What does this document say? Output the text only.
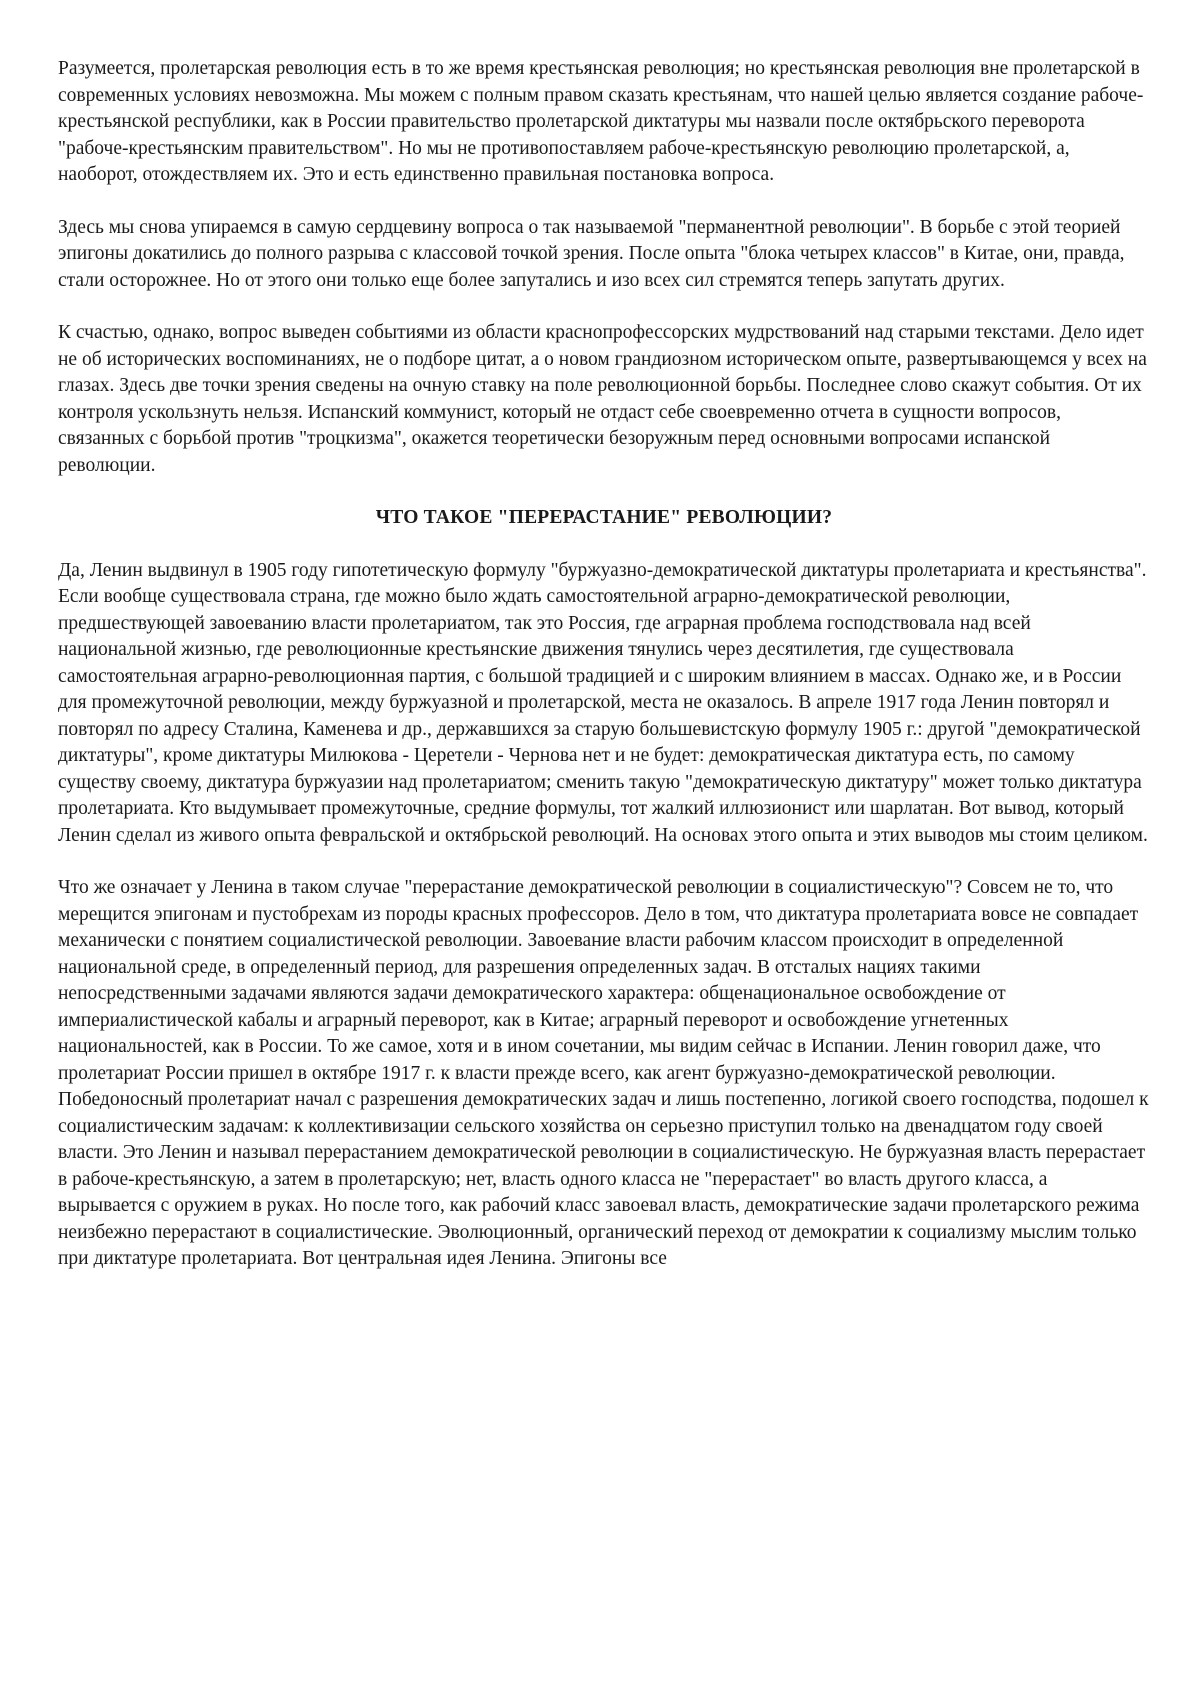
Разумеется, пролетарская революция есть в то же время крестьянская революция; но крестьянская революция вне пролетарской в современных условиях невозможна. Мы можем с полным правом сказать крестьянам, что нашей целью является создание рабоче-крестьянской республики, как в России правительство пролетарской диктатуры мы назвали после октябрьского переворота "рабоче-крестьянским правительством". Но мы не противопоставляем рабоче-крестьянскую революцию пролетарской, а, наоборот, отождествляем их. Это и есть единственно правильная постановка вопроса.

Здесь мы снова упираемся в самую сердцевину вопроса о так называемой "перманентной революции". В борьбе с этой теорией эпигоны докатились до полного разрыва с классовой точкой зрения. После опыта "блока четырех классов" в Китае, они, правда, стали осторожнее. Но от этого они только еще более запутались и изо всех сил стремятся теперь запутать других.

К счастью, однако, вопрос выведен событиями из области краснопрофессорских мудрствований над старыми текстами. Дело идет не об исторических воспоминаниях, не о подборе цитат, а о новом грандиозном историческом опыте, развертывающемся у всех на глазах. Здесь две точки зрения сведены на очную ставку на поле революционной борьбы. Последнее слово скажут события. От их контроля ускользнуть нельзя. Испанский коммунист, который не отдаст себе своевременно отчета в сущности вопросов, связанных с борьбой против "троцкизма", окажется теоретически безоружным перед основными вопросами испанской революции.

ЧТО ТАКОЕ "ПЕРЕРАСТАНИЕ" РЕВОЛЮЦИИ?

Да, Ленин выдвинул в 1905 году гипотетическую формулу "буржуазно-демократической диктатуры пролетариата и крестьянства". Если вообще существовала страна, где можно было ждать самостоятельной аграрно-демократической революции, предшествующей завоеванию власти пролетариатом, так это Россия, где аграрная проблема господствовала над всей национальной жизнью, где революционные крестьянские движения тянулись через десятилетия, где существовала самостоятельная аграрно-революционная партия, с большой традицией и с широким влиянием в массах. Однако же, и в России для промежуточной революции, между буржуазной и пролетарской, места не оказалось. В апреле 1917 года Ленин повторял и повторял по адресу Сталина, Каменева и др., державшихся за старую большевистскую формулу 1905 г.: другой "демократической диктатуры", кроме диктатуры Милюкова - Церетели - Чернова нет и не будет: демократическая диктатура есть, по самому существу своему, диктатура буржуазии над пролетариатом; сменить такую "демократическую диктатуру" может только диктатура пролетариата. Кто выдумывает промежуточные, средние формулы, тот жалкий иллюзионист или шарлатан. Вот вывод, который Ленин сделал из живого опыта февральской и октябрьской революций. На основах этого опыта и этих выводов мы стоим целиком.

Что же означает у Ленина в таком случае "перерастание демократической революции в социалистическую"? Совсем не то, что мерещится эпигонам и пустобрехам из породы красных профессоров. Дело в том, что диктатура пролетариата вовсе не совпадает механически с понятием социалистической революции. Завоевание власти рабочим классом происходит в определенной национальной среде, в определенный период, для разрешения определенных задач. В отсталых нациях такими непосредственными задачами являются задачи демократического характера: общенациональное освобождение от империалистической кабалы и аграрный переворот, как в Китае; аграрный переворот и освобождение угнетенных национальностей, как в России. То же самое, хотя и в ином сочетании, мы видим сейчас в Испании. Ленин говорил даже, что пролетариат России пришел в октябре 1917 г. к власти прежде всего, как агент буржуазно-демократической революции. Победоносный пролетариат начал с разрешения демократических задач и лишь постепенно, логикой своего господства, подошел к социалистическим задачам: к коллективизации сельского хозяйства он серьезно приступил только на двенадцатом году своей власти. Это Ленин и называл перерастанием демократической революции в социалистическую. Не буржуазная власть перерастает в рабоче-крестьянскую, а затем в пролетарскую; нет, власть одного класса не "перерастает" во власть другого класса, а вырывается с оружием в руках. Но после того, как рабочий класс завоевал власть, демократические задачи пролетарского режима неизбежно перерастают в социалистические. Эволюционный, органический переход от демократии к социализму мыслим только при диктатуре пролетариата. Вот центральная идея Ленина. Эпигоны все
